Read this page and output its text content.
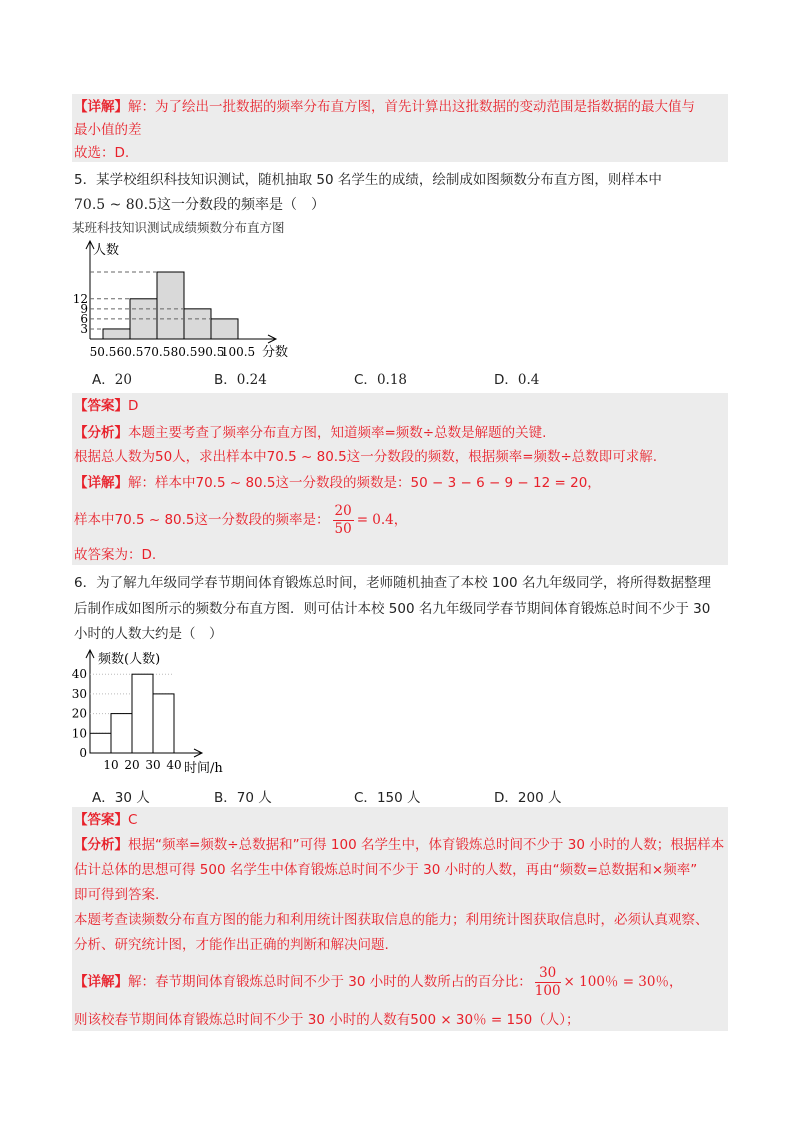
【详解】解：为了绘出一批数据的频率分布直方图，首先计算出这批数据的变动范围是指数据的最大值与
最小值的差
故选：D.
5．某学校组织科技知识测试，随机抽取 50 名学生的成绩，绘制成如图频数分布直方图，则样本中
70.5 ~ 80.5这一分数段的频率是（　）
某班科技知识测试成绩频数分布直方图
人数
分数
3
6
9
12
50.5 60.5 70.5 80.5 90.5
100.5
A．20	B．0.24	C．0.18	D．0.4
【答案】D
【分析】本题主要考查了频率分布直方图，知道频率=频数÷总数是解题的关键.
根据总人数为50人，求出样本中70.5 ~ 80.5这一分数段的频数，根据频率=频数÷总数即可求解.
【详解】解：样本中70.5 ~ 80.5这一分数段的频数是：50 − 3 − 6 − 9 − 12 = 20，
样本中70.5 ~ 80.5这一分数段的频率是： $\frac{20}{50} = 0.4$，
故答案为：D.
6．为了解九年级同学春节期间体育锻炼总时间，老师随机抽查了本校 100 名九年级同学，将所得数据整理
后制作成如图所示的频数分布直方图．则可估计本校 500 名九年级同学春节期间体育锻炼总时间不少于 30
小时的人数大约是（　）
频数(人数)
时间/h
0
10
20
30
40
10 20 30 40
A．30 人	B．70 人	C．150 人	D．200 人
【答案】C
【分析】根据“频率=频数÷总数据和”可得 100 名学生中，体育锻炼总时间不少于 30 小时的人数；根据样本
估计总体的思想可得 500 名学生中体育锻炼总时间不少于 30 小时的人数，再由“频数=总数据和×频率”
即可得到答案.
本题考查读频数分布直方图的能力和利用统计图获取信息的能力；利用统计图获取信息时，必须认真观察、
分析、研究统计图，才能作出正确的判断和解决问题.
【详解】解：春节期间体育锻炼总时间不少于 30 小时的人数所占的百分比： $\frac{30}{100} \times 100$％ = 30％，
则该校春节期间体育锻炼总时间不少于 30 小时的人数有500 × 30％ = 150（人）；
